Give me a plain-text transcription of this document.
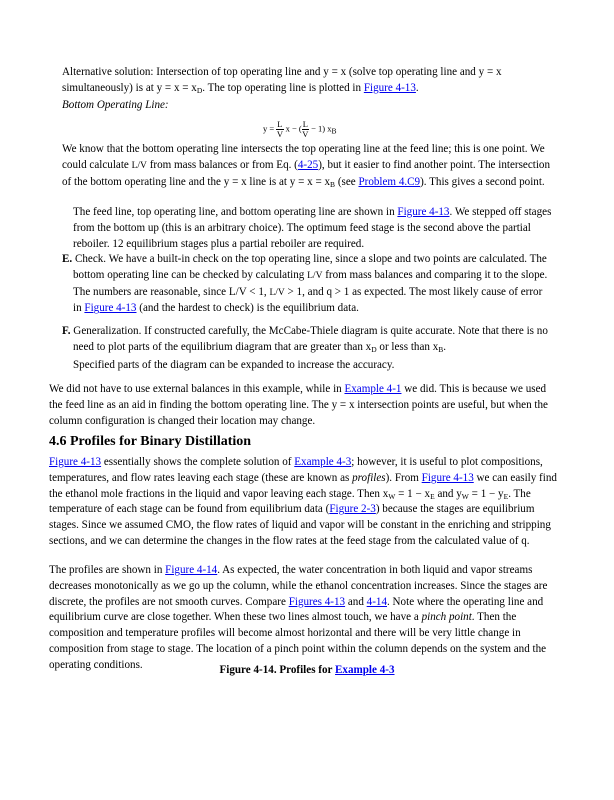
Alternative solution: Intersection of top operating line and y = x (solve top operating line and y = x simultaneously) is at $y = x = x_D$. The top operating line is plotted in Figure 4-13.
Bottom Operating Line:
$y = \frac{L}{V}$ x − ( $\frac{L}{V} - 1$) $x_B$
We know that the bottom operating line intersects the top operating line at the feed line; this is one point. We could calculate L/V from mass balances or from Eq. (4-25), but it easier to find another point. The intersection of the bottom operating line and the y = x line is at $y = x = x_B$ (see Problem 4.C9). This gives a second point.
The feed line, top operating line, and bottom operating line are shown in Figure 4-13. We stepped off stages from the bottom up (this is an arbitrary choice). The optimum feed stage is the second above the partial reboiler. 12 equilibrium stages plus a partial reboiler are required.
E. Check. We have a built-in check on the top operating line, since a slope and two points are calculated. The bottom operating line can be checked by calculating L/V from mass balances and comparing it to the slope. The numbers are reasonable, since L/V < 1, L/V > 1, and q > 1 as expected. The most likely cause of error in Figure 4-13 (and the hardest to check) is the equilibrium data.
F. Generalization. If constructed carefully, the McCabe-Thiele diagram is quite accurate. Note that there is no need to plot parts of the equilibrium diagram that are greater than $x_D$ or less than $x_B$.
Specified parts of the diagram can be expanded to increase the accuracy.
We did not have to use external balances in this example, while in Example 4-1 we did. This is because we used the feed line as an aid in finding the bottom operating line. The y = x intersection points are useful, but when the column configuration is changed their location may change.
4.6 Profiles for Binary Distillation
Figure 4-13 essentially shows the complete solution of Example 4-3; however, it is useful to plot compositions, temperatures, and flow rates leaving each stage (these are known as profiles). From Figure 4-13 we can easily find the ethanol mole fractions in the liquid and vapor leaving each stage. Then $x_W = 1 - x_E$ and $y_W = 1 - y_E$. The temperature of each stage can be found from equilibrium data (Figure 2-3) because the stages are equilibrium stages. Since we assumed CMO, the flow rates of liquid and vapor will be constant in the enriching and stripping sections, and we can determine the changes in the flow rates at the feed stage from the calculated value of q.
The profiles are shown in Figure 4-14. As expected, the water concentration in both liquid and vapor streams decreases monotonically as we go up the column, while the ethanol concentration increases. Since the stages are discrete, the profiles are not smooth curves. Compare Figures 4-13 and 4-14. Note where the operating line and equilibrium curve are close together. When these two lines almost touch, we have a pinch point. Then the composition and temperature profiles will become almost horizontal and there will be very little change in composition from stage to stage. The location of a pinch point within the column depends on the system and the operating conditions.	Figure 4-14. Profiles for Example 4-3
